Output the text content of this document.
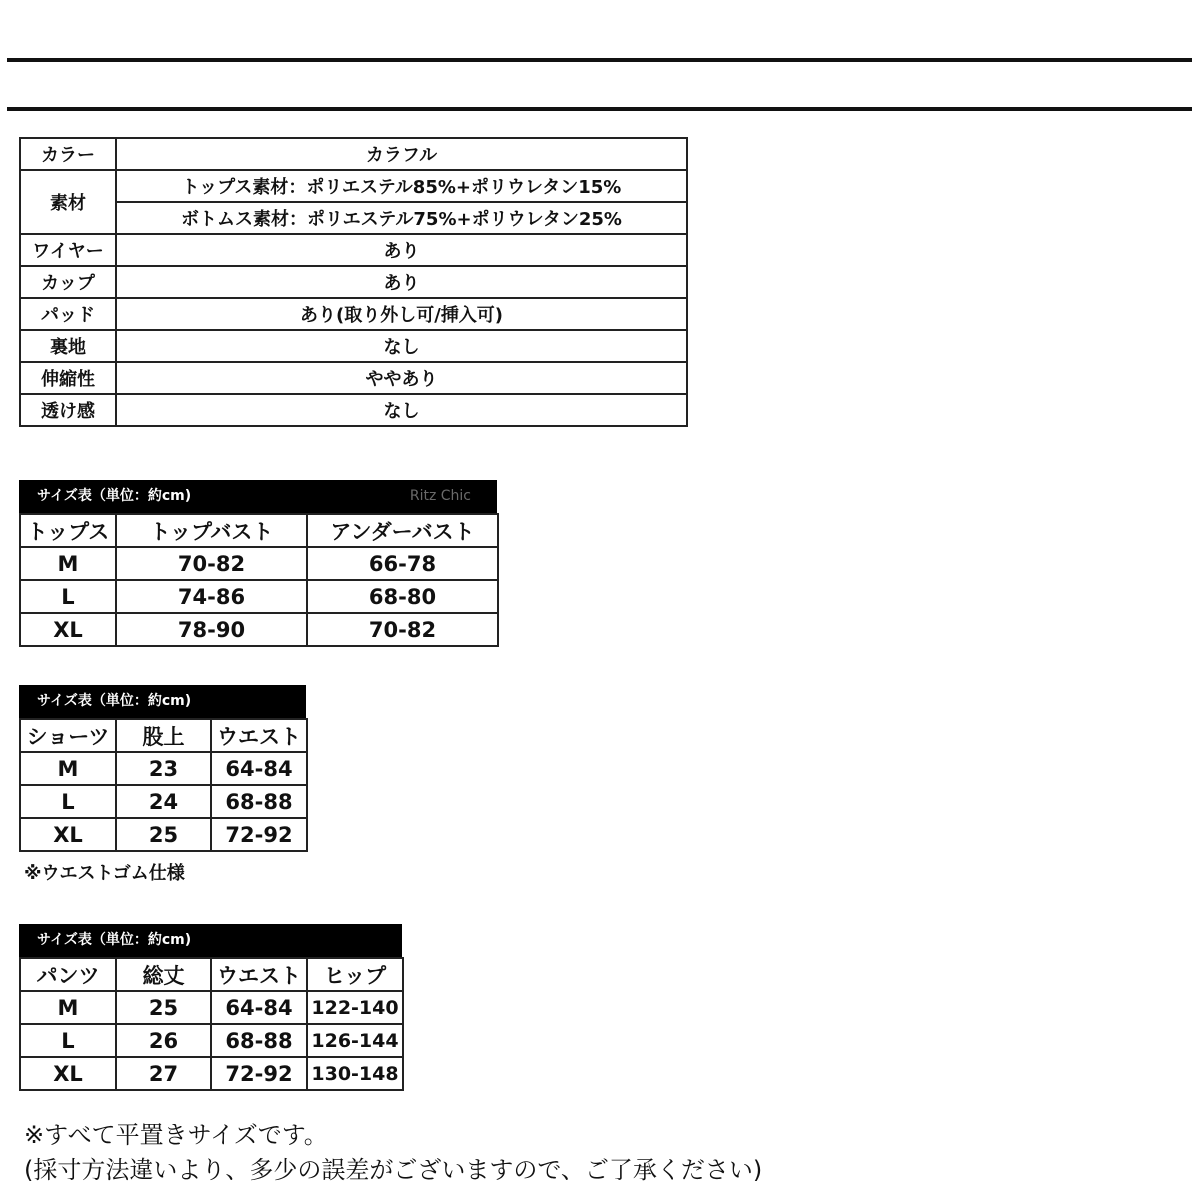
カラー	カラフル
素材	トップス素材：ポリエステル85%+ポリウレタン15%
	ボトムス素材：ポリエステル75%+ポリウレタン25%
ワイヤー	あり
カップ	あり
パッド	あり(取り外し可/挿入可)
裏地	なし
伸縮性	ややあり
透け感	なし
サイズ表（単位：約cm)	Ritz Chic
トップス	トップバスト	アンダーバスト
M	70-82	66-78
L	74-86	68-80
XL	78-90	70-82
サイズ表（単位：約cm)
ショーツ	股上	ウエスト
M	23	64-84
L	24	68-88
XL	25	72-92
※ウエストゴム仕様
サイズ表（単位：約cm)
パンツ	総丈	ウエスト	ヒップ
M	25	64-84	122-140
L	26	68-88	126-144
XL	27	72-92	130-148
※すべて平置きサイズです。
(採寸方法違いより、多少の誤差がございますので、ご了承ください)
